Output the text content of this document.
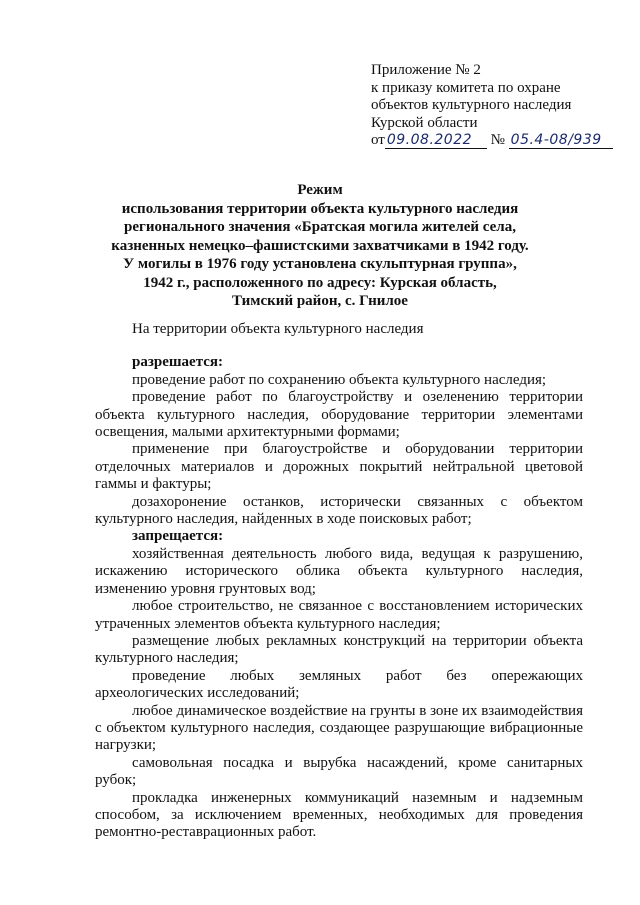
Приложение № 2
к приказу комитета по охране
объектов культурного наследия
Курской области
от 09.08.2022 № 05.4-08/939
Режим
использования территории объекта культурного наследия
регионального значения «Братская могила жителей села,
казненных немецко–фашистскими захватчиками в 1942 году.
У могилы в 1976 году установлена скульптурная группа»,
1942 г., расположенного по адресу: Курская область,
Тимский район, с. Гнилое

На территории объекта культурного наследия

разрешается:

проведение работ по сохранению объекта культурного наследия;

проведение работ по благоустройству и озеленению территории объекта культурного наследия, оборудование территории элементами освещения, малыми архитектурными формами;

применение при благоустройстве и оборудовании территории отделочных материалов и дорожных покрытий нейтральной цветовой гаммы и фактуры;

дозахоронение останков, исторически связанных с объектом культурного наследия, найденных в ходе поисковых работ;

запрещается:

хозяйственная деятельность любого вида, ведущая к разрушению, искажению исторического облика объекта культурного наследия, изменению уровня грунтовых вод;

любое строительство, не связанное с восстановлением исторических утраченных элементов объекта культурного наследия;

размещение любых рекламных конструкций на территории объекта культурного наследия;

проведение любых земляных работ без опережающих археологических исследований;

любое динамическое воздействие на грунты в зоне их взаимодействия с объектом культурного наследия, создающее разрушающие вибрационные нагрузки;

самовольная посадка и вырубка насаждений, кроме санитарных рубок;

прокладка инженерных коммуникаций наземным и надземным способом, за исключением временных, необходимых для проведения ремонтно-реставрационных работ.
